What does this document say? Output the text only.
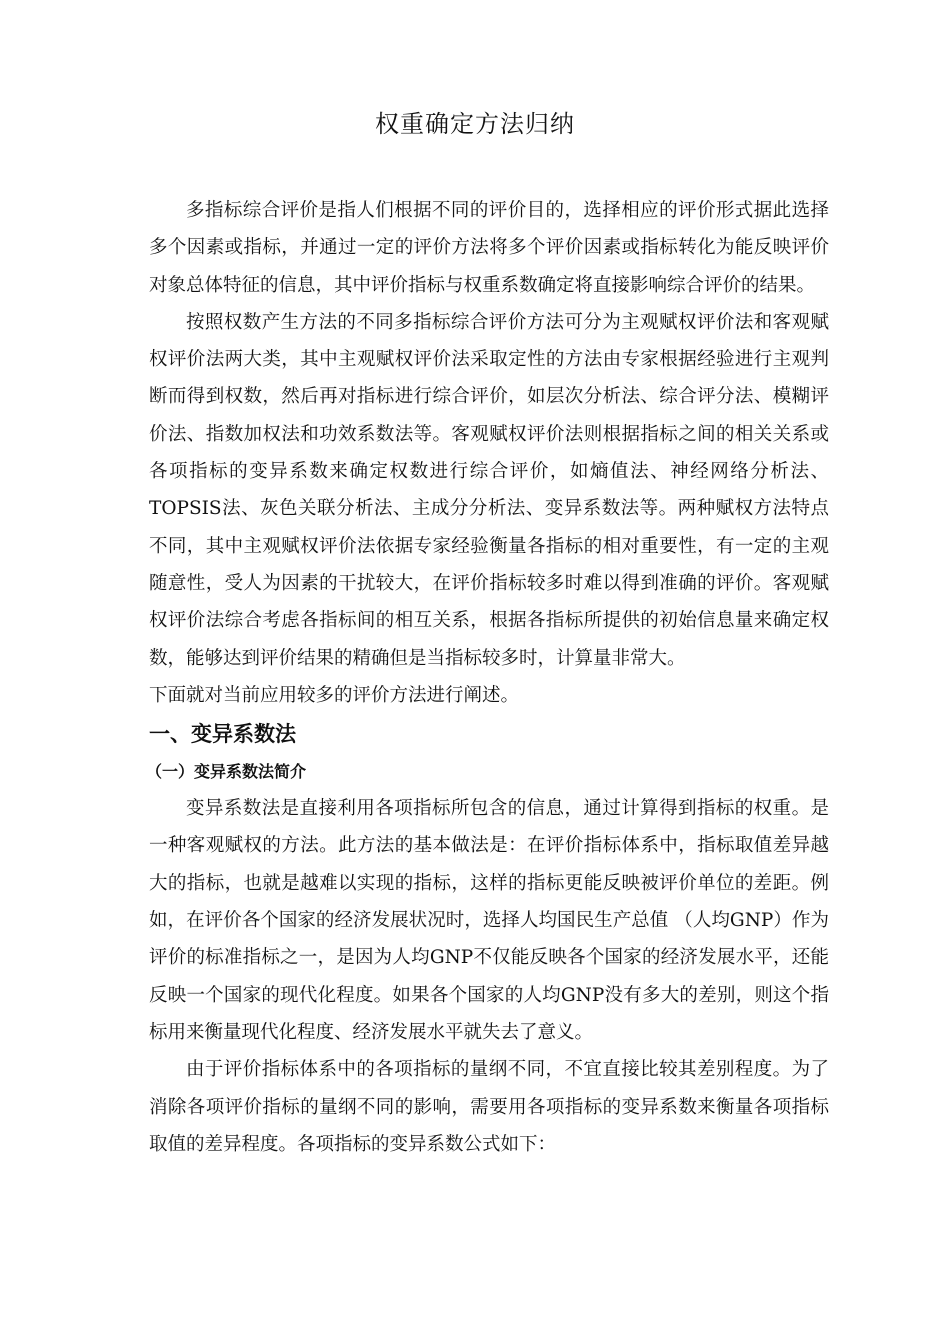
权重确定方法归纳

多指标综合评价是指人们根据不同的评价目的，选择相应的评价形式据此选择多个因素或指标，并通过一定的评价方法将多个评价因素或指标转化为能反映评价对象总体特征的信息，其中评价指标与权重系数确定将直接影响综合评价的结果。

按照权数产生方法的不同多指标综合评价方法可分为主观赋权评价法和客观赋权评价法两大类，其中主观赋权评价法采取定性的方法由专家根据经验进行主观判断而得到权数，然后再对指标进行综合评价，如层次分析法、综合评分法、模糊评价法、指数加权法和功效系数法等。客观赋权评价法则根据指标之间的相关关系或各项指标的变异系数来确定权数进行综合评价，如熵值法、神经网络分析法、TOPSIS法、灰色关联分析法、主成分分析法、变异系数法等。两种赋权方法特点不同，其中主观赋权评价法依据专家经验衡量各指标的相对重要性，有一定的主观随意性，受人为因素的干扰较大，在评价指标较多时难以得到准确的评价。客观赋权评价法综合考虑各指标间的相互关系，根据各指标所提供的初始信息量来确定权数，能够达到评价结果的精确但是当指标较多时，计算量非常大。

下面就对当前应用较多的评价方法进行阐述。

一、变异系数法
（一）变异系数法简介

变异系数法是直接利用各项指标所包含的信息，通过计算得到指标的权重。是一种客观赋权的方法。此方法的基本做法是：在评价指标体系中，指标取值差异越大的指标，也就是越难以实现的指标，这样的指标更能反映被评价单位的差距。例如，在评价各个国家的经济发展状况时，选择人均国民生产总值 （人均GNP）作为评价的标准指标之一，是因为人均GNP不仅能反映各个国家的经济发展水平，还能反映一个国家的现代化程度。如果各个国家的人均GNP没有多大的差别，则这个指标用来衡量现代化程度、经济发展水平就失去了意义。

由于评价指标体系中的各项指标的量纲不同，不宜直接比较其差别程度。为了消除各项评价指标的量纲不同的影响，需要用各项指标的变异系数来衡量各项指标取值的差异程度。各项指标的变异系数公式如下：
